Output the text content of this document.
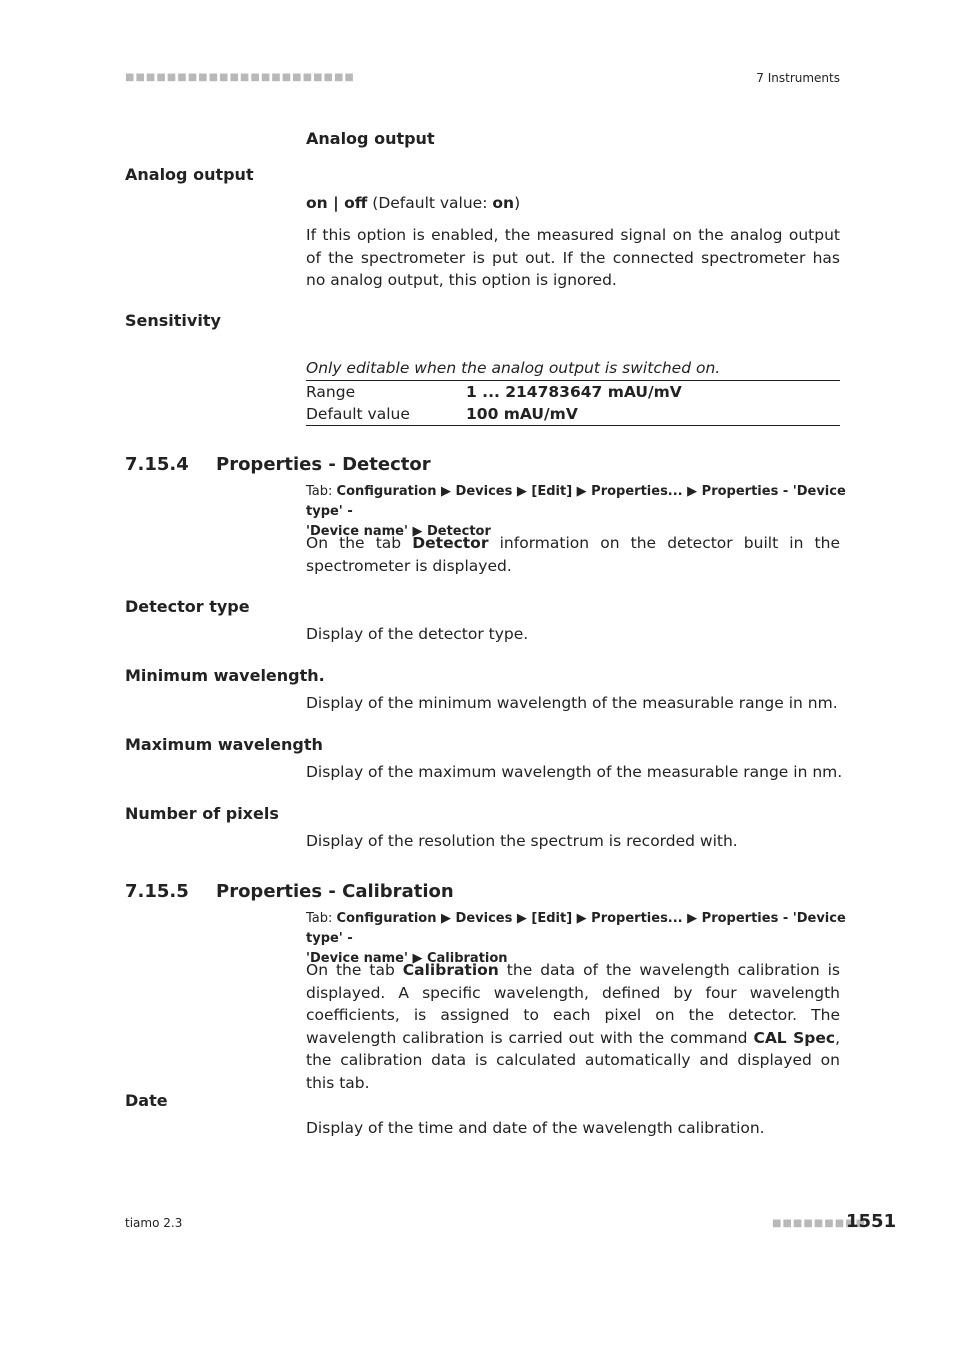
■■■■■■■■■■■■■■■■■■■■■■	7 Instruments
Analog output
Analog output
on | off (Default value: on)
If this option is enabled, the measured signal on the analog output of the spectrometer is put out. If the connected spectrometer has no analog output, this option is ignored.
Sensitivity
Only editable when the analog output is switched on.
Range	1 ... 214783647 mAU/mV
Default value	100 mAU/mV
7.15.4 Properties - Detector
Tab: Configuration ▶ Devices ▶ [Edit] ▶ Properties... ▶ Properties - 'Device type' -
'Device name' ▶ Detector
On the tab Detector information on the detector built in the spectrometer is displayed.
Detector type
Display of the detector type.
Minimum wavelength.
Display of the minimum wavelength of the measurable range in nm.
Maximum wavelength
Display of the maximum wavelength of the measurable range in nm.
Number of pixels
Display of the resolution the spectrum is recorded with.
7.15.5 Properties - Calibration
Tab: Configuration ▶ Devices ▶ [Edit] ▶ Properties... ▶ Properties - 'Device type' -
'Device name' ▶ Calibration
On the tab Calibration the data of the wavelength calibration is displayed. A specific wavelength, defined by four wavelength coefficients, is assigned to each pixel on the detector. The wavelength calibration is carried out with the command CAL Spec, the calibration data is calculated automatically and displayed on this tab.
Date
Display of the time and date of the wavelength calibration.
tiamo 2.3	■■■■■■■■■
1551
